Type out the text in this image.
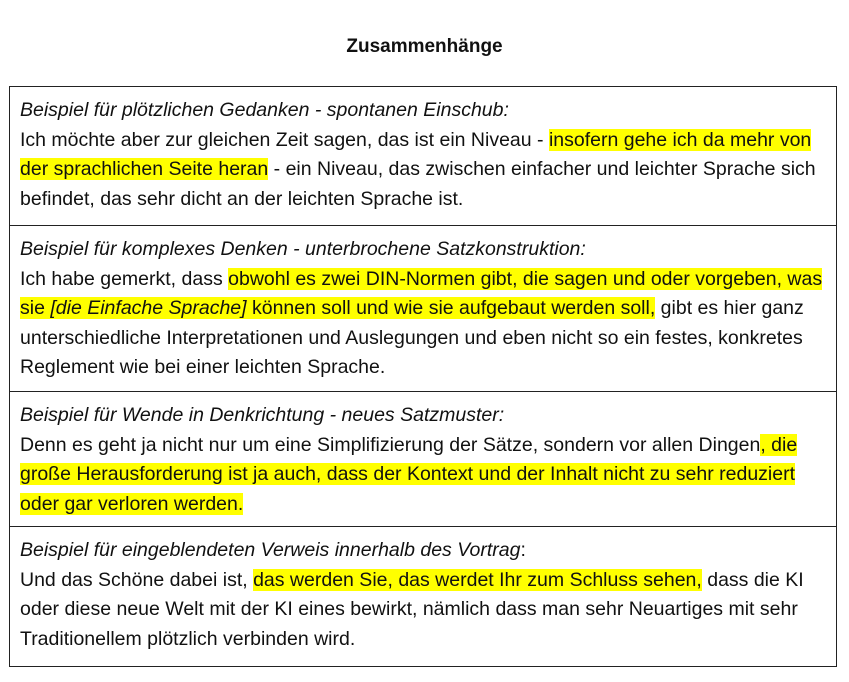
Zusammenhänge
Beispiel für plötzlichen Gedanken - spontanen Einschub:
Ich möchte aber zur gleichen Zeit sagen, das ist ein Niveau - insofern gehe ich da mehr von der sprachlichen Seite heran - ein Niveau, das zwischen einfacher und leichter Sprache sich befindet, das sehr dicht an der leichten Sprache ist.
Beispiel für komplexes Denken - unterbrochene Satzkonstruktion:
Ich habe gemerkt, dass obwohl es zwei DIN-Normen gibt, die sagen und oder vorgeben, was sie [die Einfache Sprache] können soll und wie sie aufgebaut werden soll, gibt es hier ganz unterschiedliche Interpretationen und Auslegungen und eben nicht so ein festes, konkretes Reglement wie bei einer leichten Sprache.
Beispiel für Wende in Denkrichtung - neues Satzmuster:
Denn es geht ja nicht nur um eine Simplifizierung der Sätze, sondern vor allen Dingen, die große Herausforderung ist ja auch, dass der Kontext und der Inhalt nicht zu sehr reduziert oder gar verloren werden.
Beispiel für eingeblendeten Verweis innerhalb des Vortrag:
Und das Schöne dabei ist, das werden Sie, das werdet Ihr zum Schluss sehen, dass die KI oder diese neue Welt mit der KI eines bewirkt, nämlich dass man sehr Neuartiges mit sehr Traditionellem plötzlich verbinden wird.
